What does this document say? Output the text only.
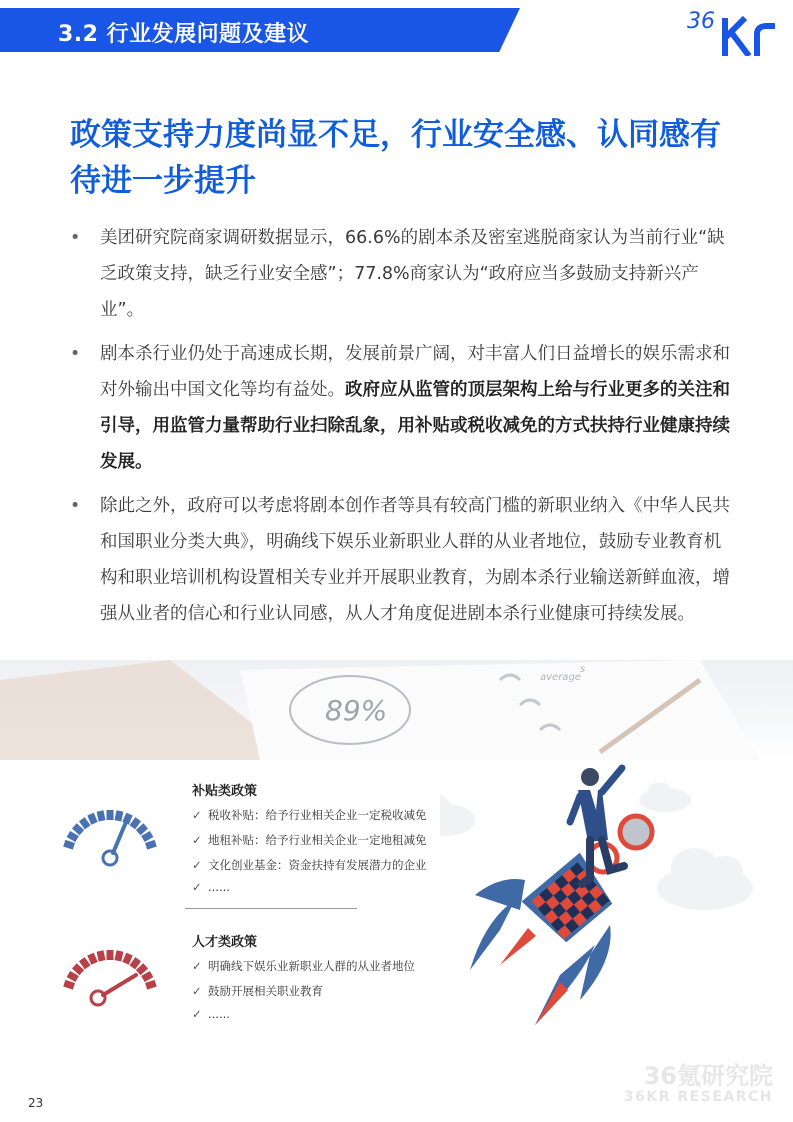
3.2 行业发展问题及建议
36
政策支持力度尚显不足，行业安全感、认同感有待进一步提升
• 美团研究院商家调研数据显示，66.6%的剧本杀及密室逃脱商家认为当前行业“缺乏政策支持，缺乏行业安全感”；77.8%商家认为“政府应当多鼓励支持新兴产业”。
• 剧本杀行业仍处于高速成长期，发展前景广阔，对丰富人们日益增长的娱乐需求和对外输出中国文化等均有益处。政府应从监管的顶层架构上给与行业更多的关注和引导，用监管力量帮助行业扫除乱象，用补贴或税收减免的方式扶持行业健康持续发展。
• 除此之外，政府可以考虑将剧本创作者等具有较高门槛的新职业纳入《中华人民共和国职业分类大典》，明确线下娱乐业新职业人群的从业者地位，鼓励专业教育机构和职业培训机构设置相关专业并开展职业教育，为剧本杀行业输送新鲜血液，增强从业者的信心和行业认同感，从人才角度促进剧本杀行业健康可持续发展。
89%
average
s
补贴类政策
✓ 税收补贴：给予行业相关企业一定税收减免
✓ 地租补贴：给予行业相关企业一定地租减免
✓ 文化创业基金：资金扶持有发展潜力的企业
✓ ......
人才类政策
✓ 明确线下娱乐业新职业人群的从业者地位
✓ 鼓励开展相关职业教育
✓ ......
36氪研究院
36KR RESEARCH
23
